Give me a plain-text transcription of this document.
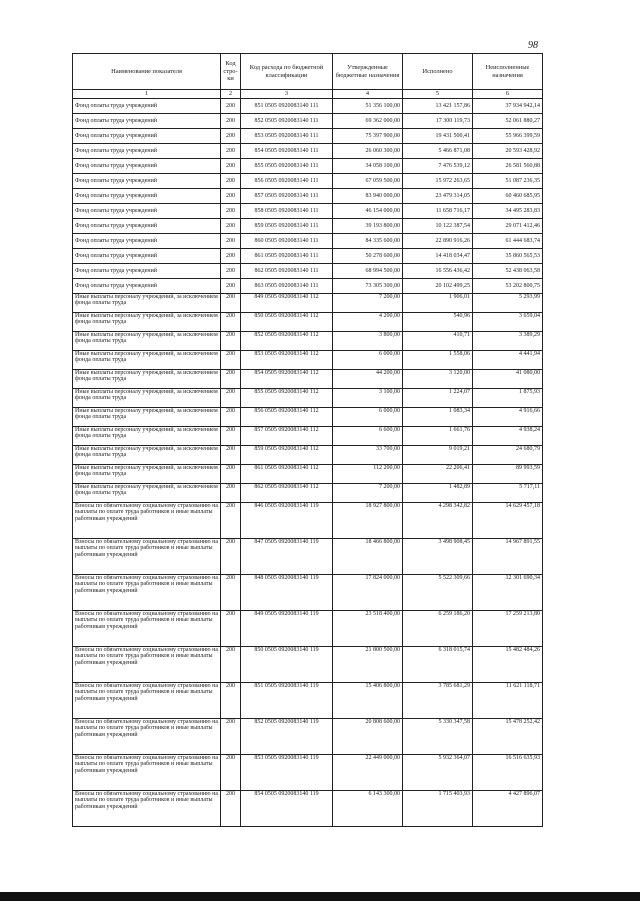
98
Наименование показателя	Код стро-ки	Код расхода по бюджетной классификации	Утвержденные бюджетные назначения	Исполнено	Неисполненные назначения
1	2	3	4	5	6
Фонд оплаты труда учреждений	200	851 0505 0920083140 111	51 356 100,00	13 421 157,86	37 934 942,14
Фонд оплаты труда учреждений	200	852 0505 0920083140 111	69 362 000,00	17 300 119,73	52 061 880,27
Фонд оплаты труда учреждений	200	853 0505 0920083140 111	75 397 900,00	19 431 500,41	55 966 399,59
Фонд оплаты труда учреждений	200	854 0505 0920083140 111	26 060 300,00	5 466 871,08	20 593 428,92
Фонд оплаты труда учреждений	200	855 0505 0920083140 111	34 058 100,00	7 476 539,12	26 581 560,88
Фонд оплаты труда учреждений	200	856 0505 0920083140 111	67 059 500,00	15 972 263,65	51 087 236,35
Фонд оплаты труда учреждений	200	857 0505 0920083140 111	83 940 000,00	23 479 314,05	60 460 685,95
Фонд оплаты труда учреждений	200	858 0505 0920083140 111	46 154 000,00	11 658 716,17	34 495 283,83
Фонд оплаты труда учреждений	200	859 0505 0920083140 111	39 193 800,00	10 122 387,54	29 071 412,46
Фонд оплаты труда учреждений	200	860 0505 0920083140 111	84 335 600,00	22 890 916,26	61 444 683,74
Фонд оплаты труда учреждений	200	861 0505 0920083140 111	50 278 600,00	14 418 034,47	35 860 565,53
Фонд оплаты труда учреждений	200	862 0505 0920083140 111	68 994 500,00	16 556 436,42	52 438 063,58
Фонд оплаты труда учреждений	200	863 0505 0920083140 111	73 305 300,00	20 102 499,25	53 202 800,75
Иные выплаты персоналу учреждений, за исключением фонда оплаты труда	200	849 0505 0920083140 112	7 200,00	1 906,01	5 293,99
Иные выплаты персоналу учреждений, за исключением фонда оплаты труда	200	850 0505 0920083140 112	4 200,00	540,96	3 659,04
Иные выплаты персоналу учреждений, за исключением фонда оплаты труда	200	852 0505 0920083140 112	3 800,00	410,71	3 389,29
Иные выплаты персоналу учреждений, за исключением фонда оплаты труда	200	853 0505 0920083140 112	6 000,00	1 558,06	4 441,94
Иные выплаты персоналу учреждений, за исключением фонда оплаты труда	200	854 0505 0920083140 112	44 200,00	3 120,00	41 080,00
Иные выплаты персоналу учреждений, за исключением фонда оплаты труда	200	855 0505 0920083140 112	3 100,00	1 224,07	1 875,93
Иные выплаты персоналу учреждений, за исключением фонда оплаты труда	200	856 0505 0920083140 112	6 000,00	1 083,34	4 916,66
Иные выплаты персоналу учреждений, за исключением фонда оплаты труда	200	857 0505 0920083140 112	6 600,00	1 661,76	4 938,24
Иные выплаты персоналу учреждений, за исключением фонда оплаты труда	200	859 0505 0920083140 112	33 700,00	9 019,21	24 680,79
Иные выплаты персоналу учреждений, за исключением фонда оплаты труда	200	861 0505 0920083140 112	112 200,00	22 206,41	89 993,59
Иные выплаты персоналу учреждений, за исключением фонда оплаты труда	200	862 0505 0920083140 112	7 200,00	1 482,89	5 717,11
Взносы по обязательному социальному страхованию на выплаты по оплате труда работников и иные выплаты работникам учреждений	200	846 0505 0920083140 119	18 927 800,00	4 298 342,82	14 629 457,18
Взносы по обязательному социальному страхованию на выплаты по оплате труда работников и иные выплаты работникам учреждений	200	847 0505 0920083140 119	18 466 800,00	3 498 908,45	14 967 891,55
Взносы по обязательному социальному страхованию на выплаты по оплате труда работников и иные выплаты работникам учреждений	200	848 0505 0920083140 119	17 824 000,00	5 522 309,66	12 301 690,34
Взносы по обязательному социальному страхованию на выплаты по оплате труда работников и иные выплаты работникам учреждений	200	849 0505 0920083140 119	23 518 400,00	6 259 186,20	17 259 213,80
Взносы по обязательному социальному страхованию на выплаты по оплате труда работников и иные выплаты работникам учреждений	200	850 0505 0920083140 119	21 800 500,00	6 318 015,74	15 482 484,26
Взносы по обязательному социальному страхованию на выплаты по оплате труда работников и иные выплаты работникам учреждений	200	851 0505 0920083140 119	15 406 800,00	3 785 681,29	11 621 118,71
Взносы по обязательному социальному страхованию на выплаты по оплате труда работников и иные выплаты работникам учреждений	200	852 0505 0920083140 119	20 808 600,00	5 330 347,58	15 478 252,42
Взносы по обязательному социальному страхованию на выплаты по оплате труда работников и иные выплаты работникам учреждений	200	853 0505 0920083140 119	22 449 000,00	5 932 364,07	16 516 635,93
Взносы по обязательному социальному страхованию на выплаты по оплате труда работников и иные выплаты работникам учреждений	200	854 0505 0920083140 119	6 143 300,00	1 715 403,93	4 427 896,07
